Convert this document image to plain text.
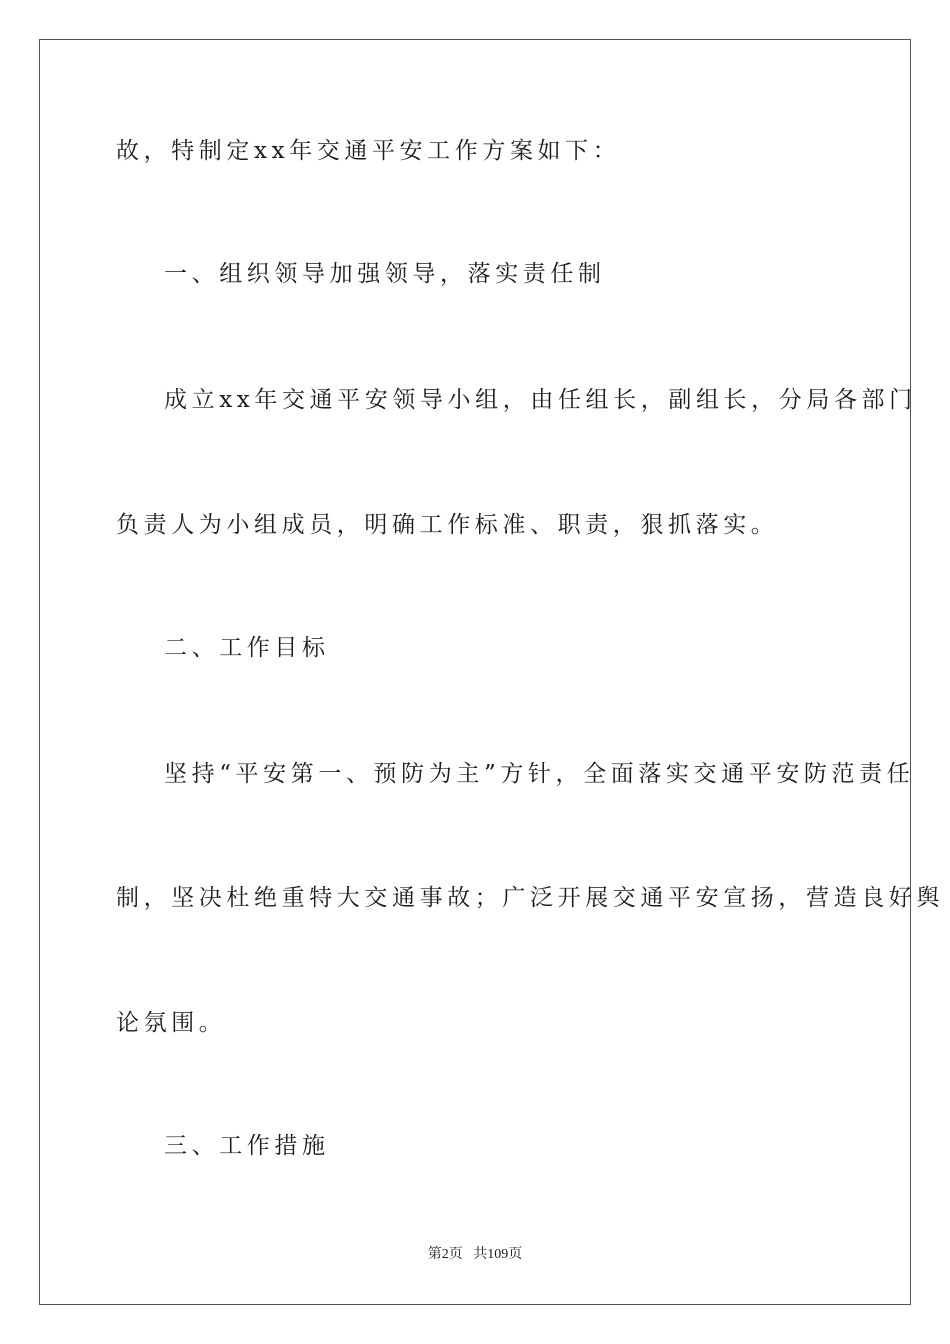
故，特制定xx年交通平安工作方案如下：
一、组织领导加强领导，落实责任制
成立xx年交通平安领导小组，由任组长，副组长，分局各部门
负责人为小组成员，明确工作标准、职责，狠抓落实。
二、工作目标
坚持“平安第一、预防为主”方针，全面落实交通平安防范责任
制，坚决杜绝重特大交通事故；广泛开展交通平安宣扬，营造良好舆
论氛围。
三、工作措施
第2页 共109页
